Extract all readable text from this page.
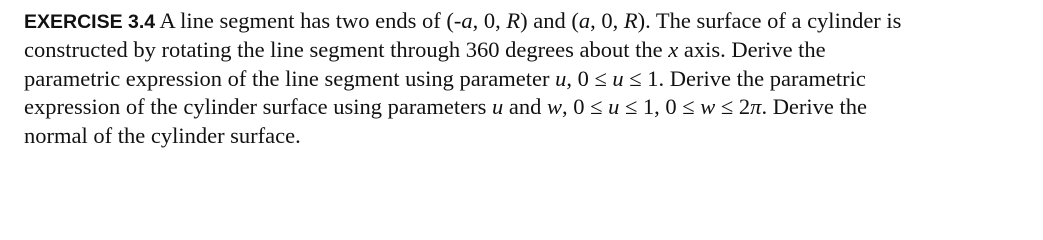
EXERCISE 3.4 A line segment has two ends of (-a, 0, R) and (a, 0, R). The surface of a cylinder is
constructed by rotating the line segment through 360 degrees about the x axis. Derive the
parametric expression of the line segment using parameter u, 0 ≤ u ≤ 1. Derive the parametric
expression of the cylinder surface using parameters u and w, 0 ≤ u ≤ 1, 0 ≤ w ≤ 2π. Derive the
normal of the cylinder surface.
